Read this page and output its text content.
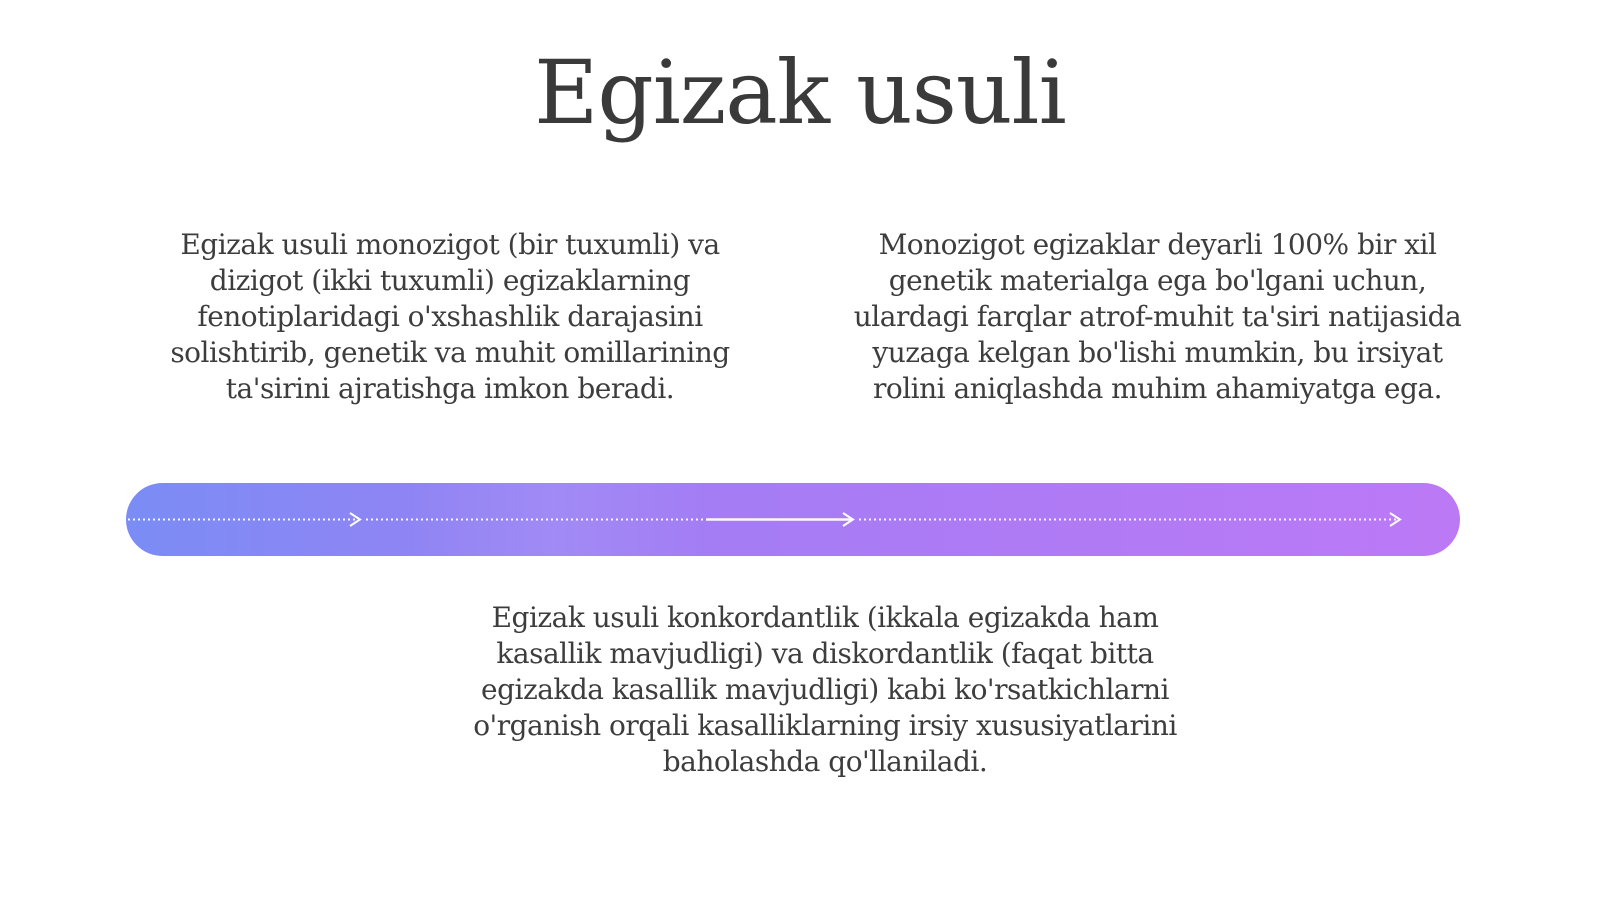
Egizak usuli
Egizak usuli monozigot (bir tuxumli) va dizigot (ikki tuxumli) egizaklarning fenotiplaridagi o'xshashlik darajasini solishtirib, genetik va muhit omillarining ta'sirini ajratishga imkon beradi.
Monozigot egizaklar deyarli 100% bir xil genetik materialga ega bo'lgani uchun, ulardagi farqlar atrof-muhit ta'siri natijasida yuzaga kelgan bo'lishi mumkin, bu irsiyat rolini aniqlashda muhim ahamiyatga ega.
Egizak usuli konkordantlik (ikkala egizakda ham kasallik mavjudligi) va diskordantlik (faqat bitta egizakda kasallik mavjudligi) kabi ko'rsatkichlarni o'rganish orqali kasalliklarning irsiy xususiyatlarini baholashda qo'llaniladi.
